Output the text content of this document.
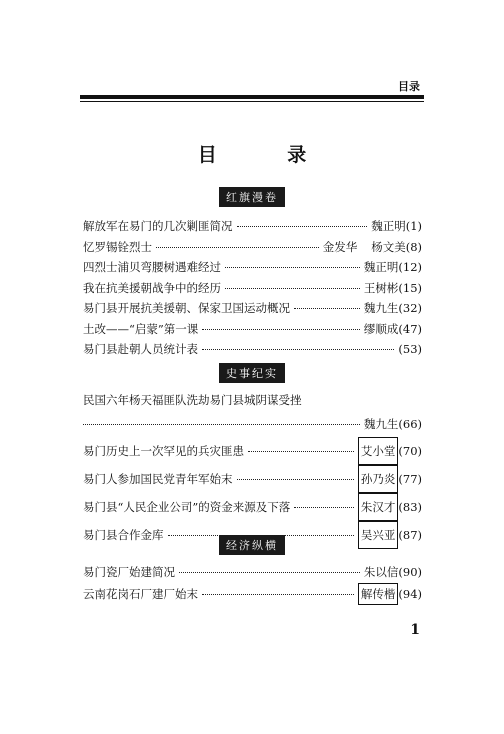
目录
目 录
红旗漫卷
解放军在易门的几次剿匪简况	魏正明 (1)
忆罗锡铨烈士	金发华 杨文美 (8)
四烈士浦贝弯腰树遇难经过	魏正明 (12)
我在抗美援朝战争中的经历	王树彬 (15)
易门县开展抗美援朝、保家卫国运动概况	魏九生 (32)
土改——“启蒙”第一课	缪顺成 (47)
易门县赴朝人员统计表	(53)
史事纪实
民国六年杨天福匪队洗劫易门县城阴谋受挫
魏九生 (66)
易门历史上一次罕见的兵灾匪患	艾小堂 (70)
易门人参加国民党青年军始末	孙乃炎 (77)
易门县“人民企业公司”的资金来源及下落	朱汉才 (83)
易门县合作金库	吴兴亚 (87)
经济纵横
易门瓷厂始建简况	朱以信 (90)
云南花岗石厂建厂始末	解传楷 (94)
1
